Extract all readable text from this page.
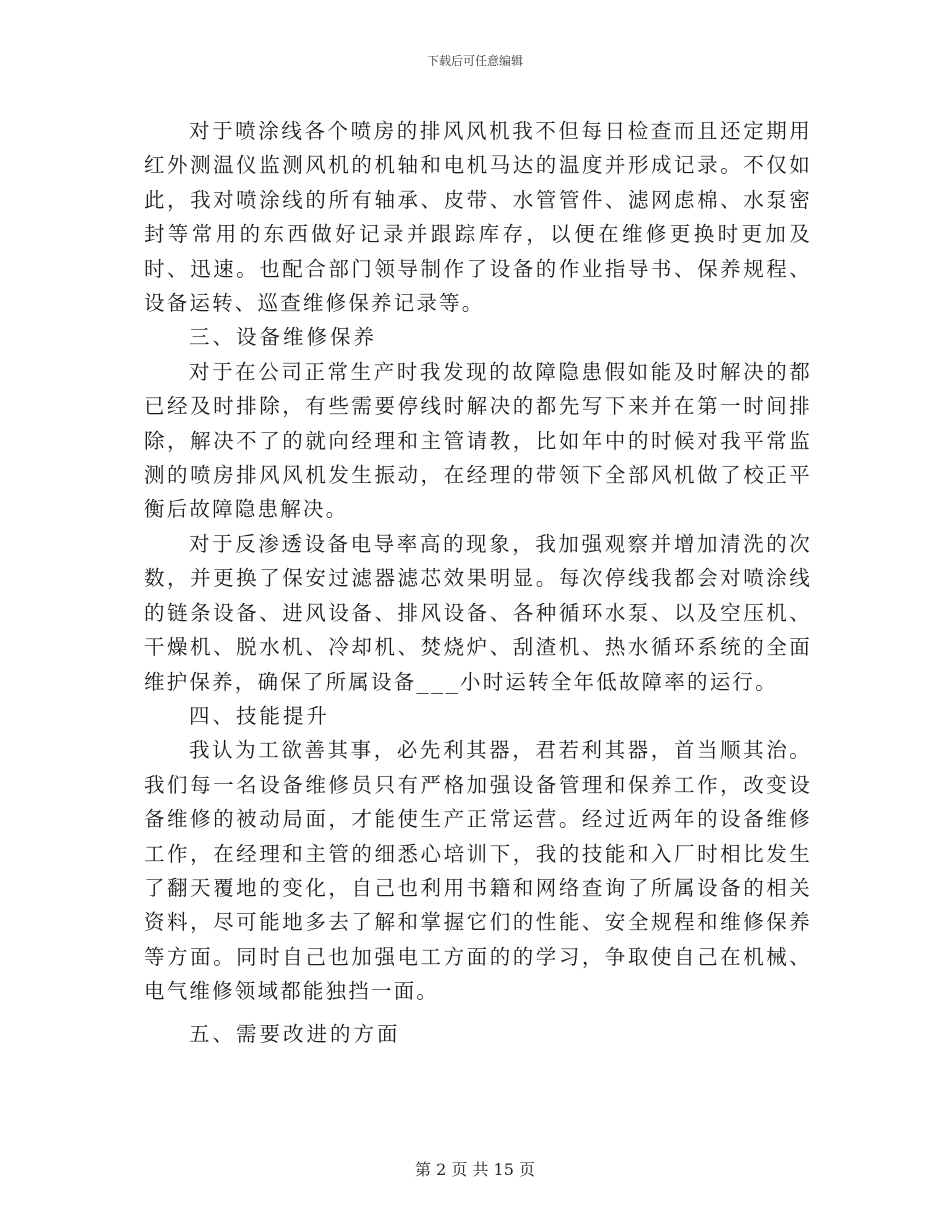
下载后可任意编辑

对于喷涂线各个喷房的排风风机我不但每日检查而且还定期用红外测温仪监测风机的机轴和电机马达的温度并形成记录。不仅如此，我对喷涂线的所有轴承、皮带、水管管件、滤网虑棉、水泵密封等常用的东西做好记录并跟踪库存，以便在维修更换时更加及时、迅速。也配合部门领导制作了设备的作业指导书、保养规程、设备运转、巡查维修保养记录等。

三、设备维修保养

对于在公司正常生产时我发现的故障隐患假如能及时解决的都已经及时排除，有些需要停线时解决的都先写下来并在第一时间排除，解决不了的就向经理和主管请教，比如年中的时候对我平常监测的喷房排风风机发生振动，在经理的带领下全部风机做了校正平衡后故障隐患解决。

对于反渗透设备电导率高的现象，我加强观察并增加清洗的次数，并更换了保安过滤器滤芯效果明显。每次停线我都会对喷涂线的链条设备、进风设备、排风设备、各种循环水泵、以及空压机、干燥机、脱水机、冷却机、焚烧炉、刮渣机、热水循环系统的全面维护保养，确保了所属设备___小时运转全年低故障率的运行。

四、技能提升

我认为工欲善其事，必先利其器，君若利其器，首当顺其治。我们每一名设备维修员只有严格加强设备管理和保养工作，改变设备维修的被动局面，才能使生产正常运营。经过近两年的设备维修工作，在经理和主管的细悉心培训下，我的技能和入厂时相比发生了翻天覆地的变化，自己也利用书籍和网络查询了所属设备的相关资料，尽可能地多去了解和掌握它们的性能、安全规程和维修保养等方面。同时自己也加强电工方面的的学习，争取使自己在机械、电气维修领域都能独挡一面。

五、需要改进的方面

第 2 页 共 15 页
